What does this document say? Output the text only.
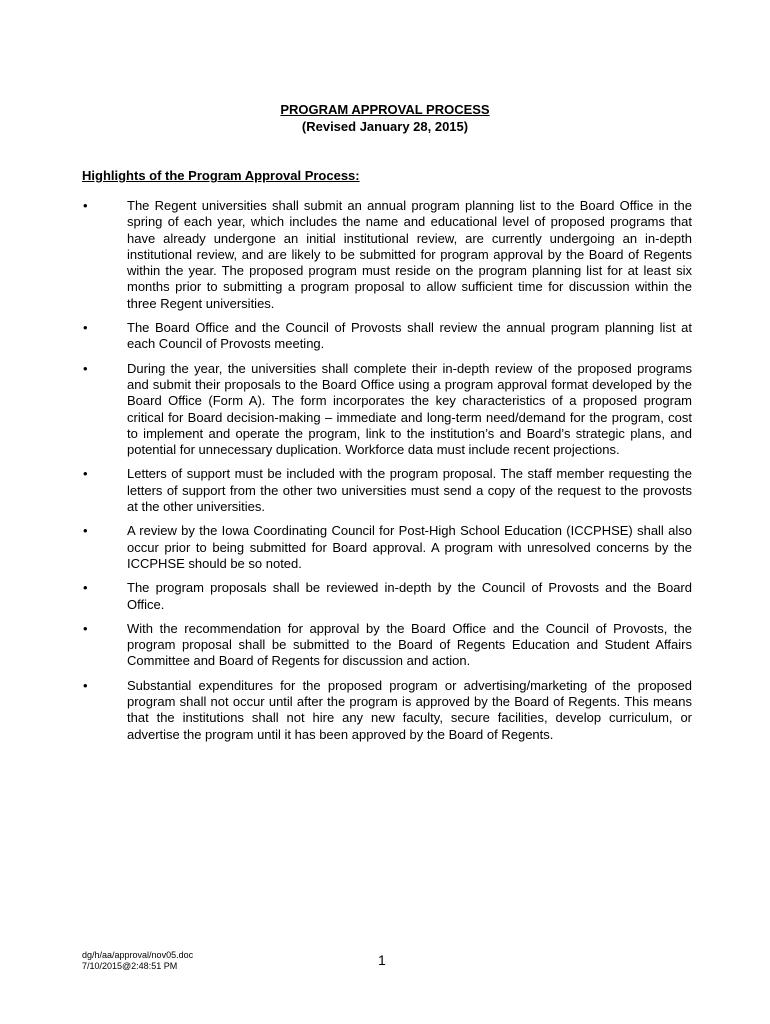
PROGRAM APPROVAL PROCESS
(Revised January 28, 2015)
Highlights of the Program Approval Process:
•	The Regent universities shall submit an annual program planning list to the Board Office in the spring of each year, which includes the name and educational level of proposed programs that have already undergone an initial institutional review, are currently undergoing an in-depth institutional review, and are likely to be submitted for program approval by the Board of Regents within the year. The proposed program must reside on the program planning list for at least six months prior to submitting a program proposal to allow sufficient time for discussion within the three Regent universities.
•	The Board Office and the Council of Provosts shall review the annual program planning list at each Council of Provosts meeting.
•	During the year, the universities shall complete their in-depth review of the proposed programs and submit their proposals to the Board Office using a program approval format developed by the Board Office (Form A). The form incorporates the key characteristics of a proposed program critical for Board decision-making – immediate and long-term need/demand for the program, cost to implement and operate the program, link to the institution’s and Board’s strategic plans, and potential for unnecessary duplication. Workforce data must include recent projections.
•	Letters of support must be included with the program proposal. The staff member requesting the letters of support from the other two universities must send a copy of the request to the provosts at the other universities.
•	A review by the Iowa Coordinating Council for Post-High School Education (ICCPHSE) shall also occur prior to being submitted for Board approval. A program with unresolved concerns by the ICCPHSE should be so noted.
•	The program proposals shall be reviewed in-depth by the Council of Provosts and the Board Office.
•	With the recommendation for approval by the Board Office and the Council of Provosts, the program proposal shall be submitted to the Board of Regents Education and Student Affairs Committee and Board of Regents for discussion and action.
•	Substantial expenditures for the proposed program or advertising/marketing of the proposed program shall not occur until after the program is approved by the Board of Regents. This means that the institutions shall not hire any new faculty, secure facilities, develop curriculum, or advertise the program until it has been approved by the Board of Regents.
dg/h/aa/approval/nov05.doc
7/10/2015@2:48:51 PM	1
